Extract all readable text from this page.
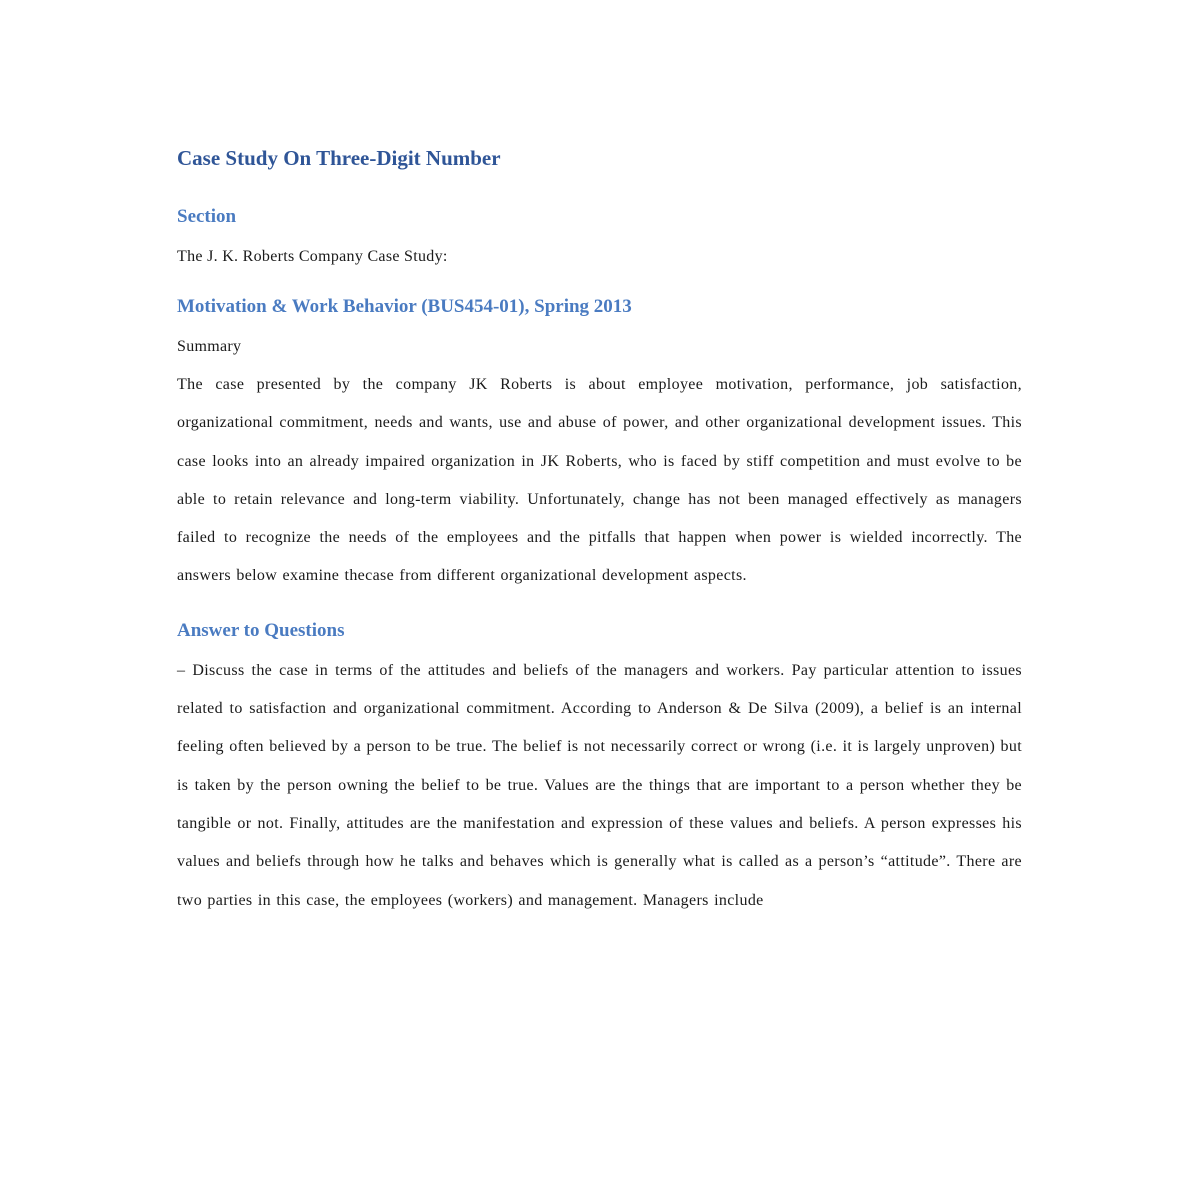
Case Study On Three-Digit Number
Section

The J. K. Roberts Company Case Study:

Motivation & Work Behavior (BUS454-01), Spring 2013

Summary

The case presented by the company JK Roberts is about employee motivation, performance, job satisfaction, organizational commitment, needs and wants, use and abuse of power, and other organizational development issues. This case looks into an already impaired organization in JK Roberts, who is faced by stiff competition and must evolve to be able to retain relevance and long-term viability. Unfortunately, change has not been managed effectively as managers failed to recognize the needs of the employees and the pitfalls that happen when power is wielded incorrectly. The answers below examine thecase from different organizational development aspects.

Answer to Questions

– Discuss the case in terms of the attitudes and beliefs of the managers and workers. Pay particular attention to issues related to satisfaction and organizational commitment. According to Anderson & De Silva (2009), a belief is an internal feeling often believed by a person to be true. The belief is not necessarily correct or wrong (i.e. it is largely unproven) but is taken by the person owning the belief to be true. Values are the things that are important to a person whether they be tangible or not. Finally, attitudes are the manifestation and expression of these values and beliefs. A person expresses his values and beliefs through how he talks and behaves which is generally what is called as a person’s “attitude”. There are two parties in this case, the employees (workers) and management. Managers include
